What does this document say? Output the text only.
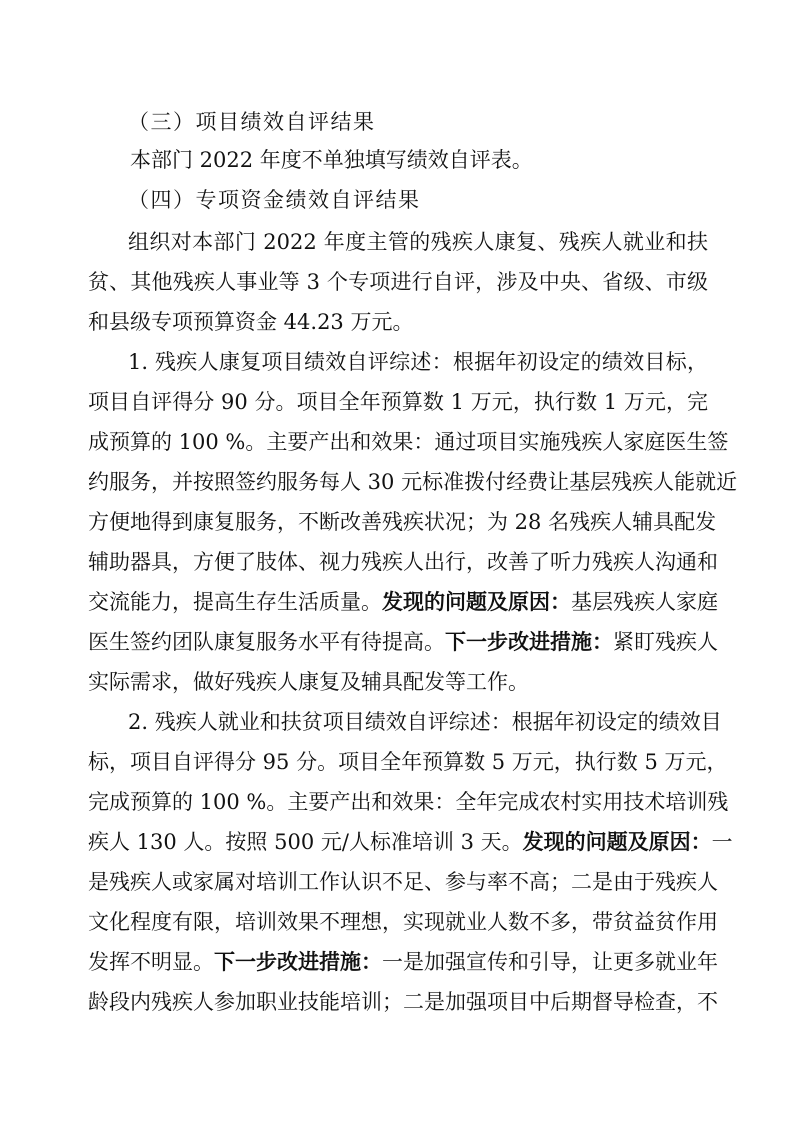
（三）项目绩效自评结果
本部门 2022 年度不单独填写绩效自评表。
（四）专项资金绩效自评结果
组织对本部门 2022 年度主管的残疾人康复、残疾人就业和扶
贫、其他残疾人事业等 3 个专项进行自评，涉及中央、省级、市级
和县级专项预算资金 44.23 万元。
1. 残疾人康复项目绩效自评综述：根据年初设定的绩效目标，
项目自评得分 90 分。项目全年预算数 1 万元，执行数 1 万元，完
成预算的 100 %。主要产出和效果：通过项目实施残疾人家庭医生签
约服务，并按照签约服务每人 30 元标准拨付经费让基层残疾人能就近
方便地得到康复服务，不断改善残疾状况；为 28 名残疾人辅具配发
辅助器具，方便了肢体、视力残疾人出行，改善了听力残疾人沟通和
交流能力，提高生存生活质量。发现的问题及原因：基层残疾人家庭
医生签约团队康复服务水平有待提高。下一步改进措施：紧盯残疾人
实际需求，做好残疾人康复及辅具配发等工作。
2. 残疾人就业和扶贫项目绩效自评综述：根据年初设定的绩效目
标，项目自评得分 95 分。项目全年预算数 5 万元，执行数 5 万元，
完成预算的 100 %。主要产出和效果：全年完成农村实用技术培训残
疾人 130 人。按照 500 元/人标准培训 3 天。发现的问题及原因：一
是残疾人或家属对培训工作认识不足、参与率不高；二是由于残疾人
文化程度有限，培训效果不理想，实现就业人数不多，带贫益贫作用
发挥不明显。下一步改进措施：一是加强宣传和引导，让更多就业年
龄段内残疾人参加职业技能培训；二是加强项目中后期督导检查，不
